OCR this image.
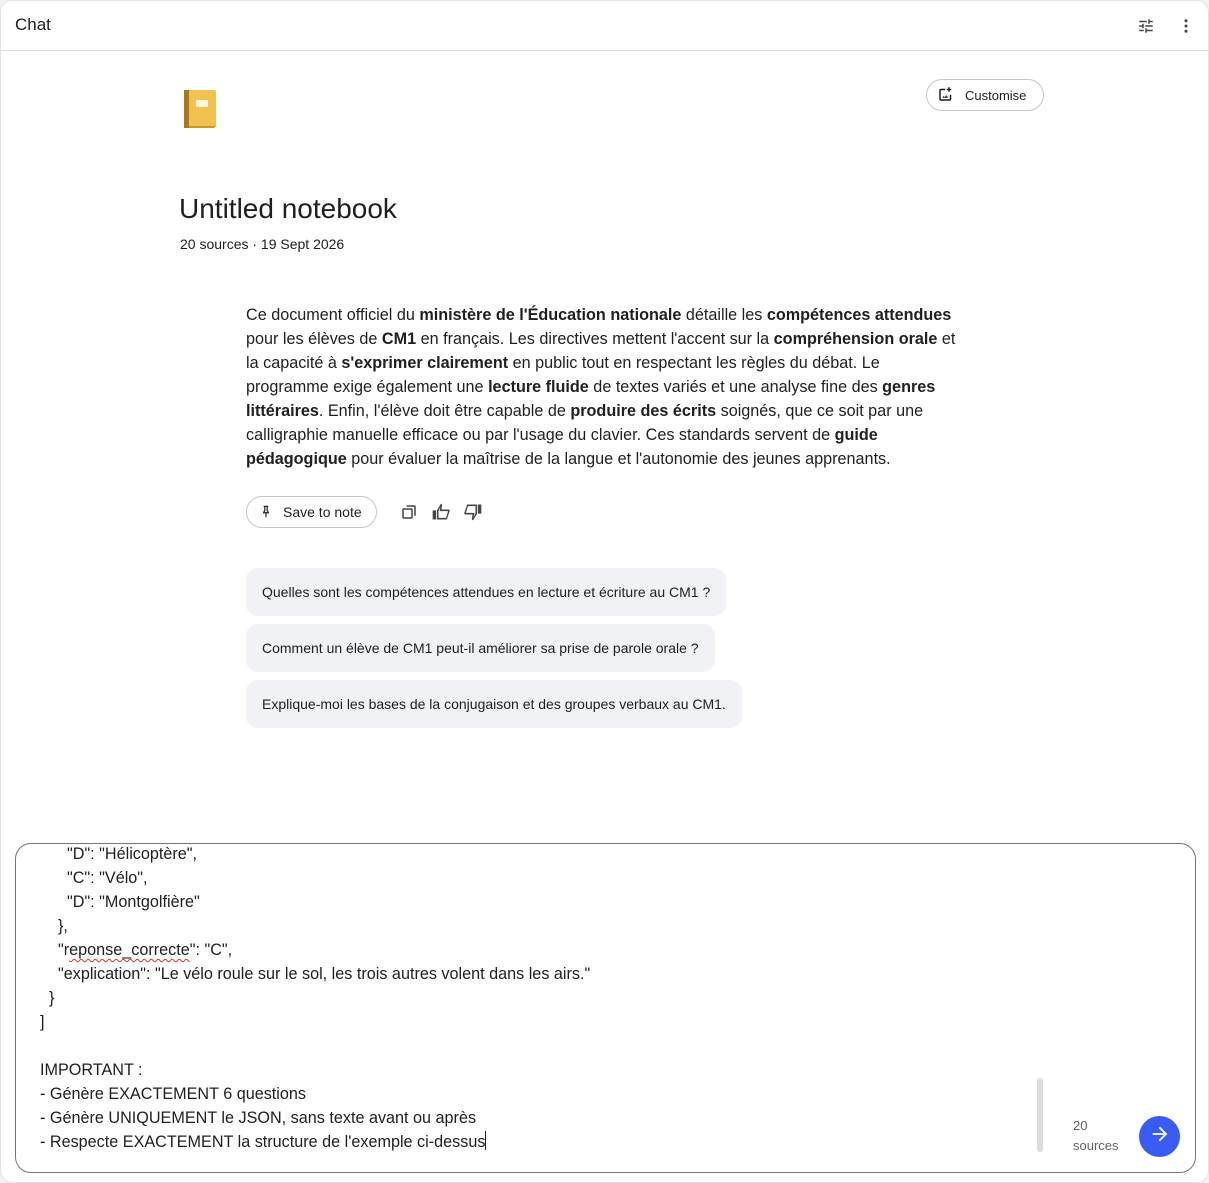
Chat
Customise
Untitled notebook
20 sources · 19 Sept 2026
Ce document officiel du ministère de l'Éducation nationale détaille les compétences attendues pour les élèves de CM1 en français. Les directives mettent l'accent sur la compréhension orale et la capacité à s'exprimer clairement en public tout en respectant les règles du débat. Le programme exige également une lecture fluide de textes variés et une analyse fine des genres littéraires. Enfin, l'élève doit être capable de produire des écrits soignés, que ce soit par une calligraphie manuelle efficace ou par l'usage du clavier. Ces standards servent de guide pédagogique pour évaluer la maîtrise de la langue et l'autonomie des jeunes apprenants.
Save to note
Quelles sont les compétences attendues en lecture et écriture au CM1 ?
Comment un élève de CM1 peut-il améliorer sa prise de parole orale ?
Explique-moi les bases de la conjugaison et des groupes verbaux au CM1.
"D": "Hélicoptère",
"C": "Vélo",
"D": "Montgolfière"
},
"reponse_correcte": "C",
"explication": "Le vélo roule sur le sol, les trois autres volent dans les airs."
}
]
IMPORTANT :
- Génère EXACTEMENT 6 questions
- Génère UNIQUEMENT le JSON, sans texte avant ou après
- Respecte EXACTEMENT la structure de l'exemple ci-dessus
20
sources
